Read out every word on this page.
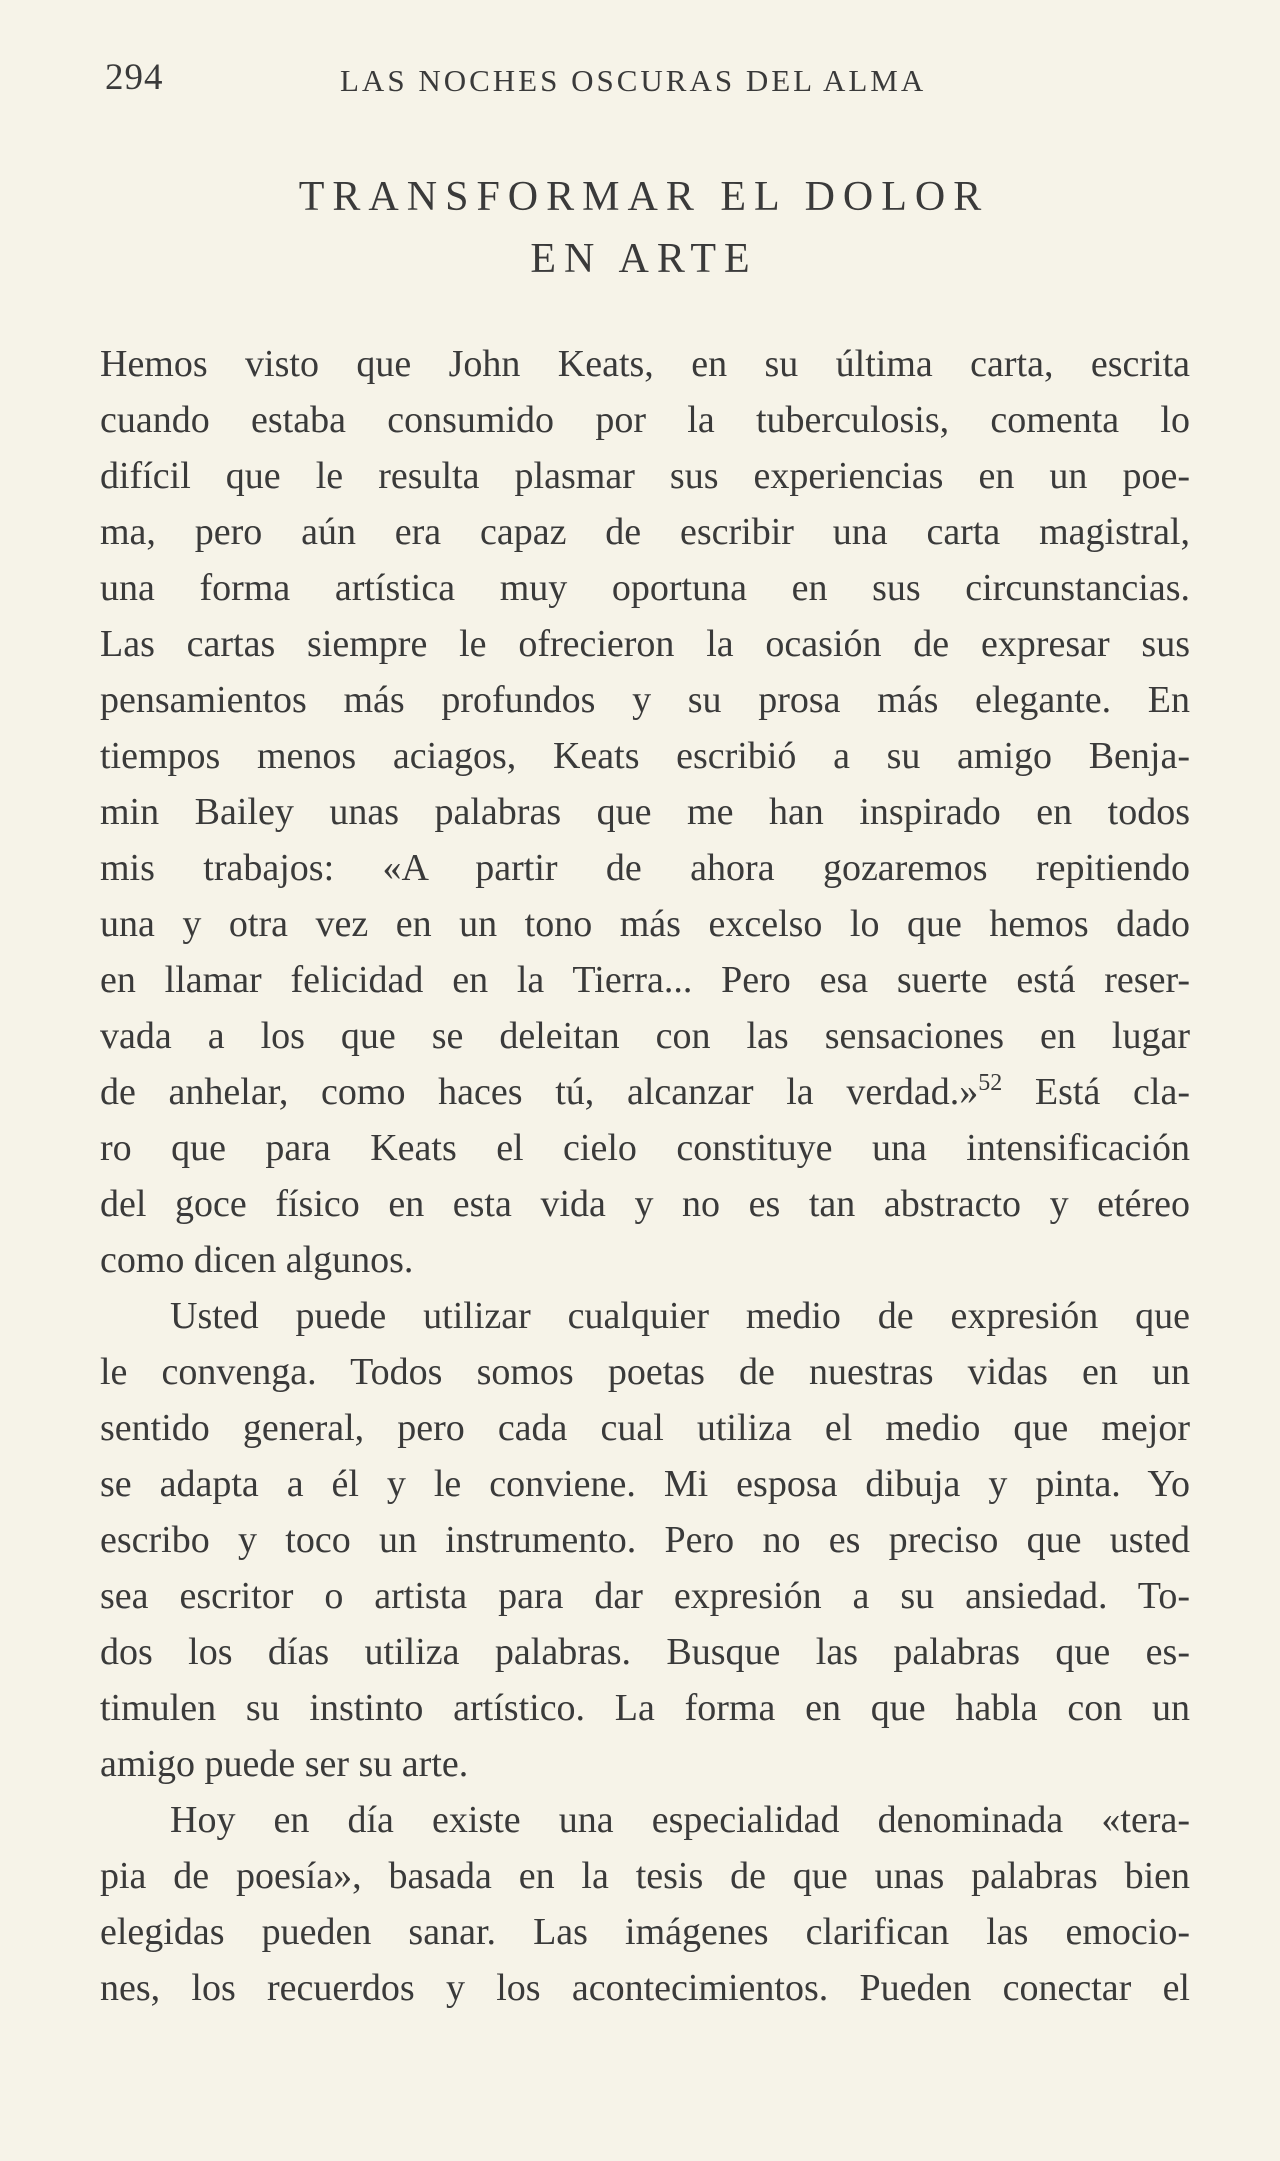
294	LAS NOCHES OSCURAS DEL ALMA
TRANSFORMAR EL DOLOR
EN ARTE
Hemos visto que John Keats, en su última carta, escrita
cuando estaba consumido por la tuberculosis, comenta lo
difícil que le resulta plasmar sus experiencias en un poe-
ma, pero aún era capaz de escribir una carta magistral,
una forma artística muy oportuna en sus circunstancias.
Las cartas siempre le ofrecieron la ocasión de expresar sus
pensamientos más profundos y su prosa más elegante. En
tiempos menos aciagos, Keats escribió a su amigo Benja-
min Bailey unas palabras que me han inspirado en todos
mis trabajos: «A partir de ahora gozaremos repitiendo
una y otra vez en un tono más excelso lo que hemos dado
en llamar felicidad en la Tierra... Pero esa suerte está reser-
vada a los que se deleitan con las sensaciones en lugar
de anhelar, como haces tú, alcanzar la verdad.»$^{52}$ Está cla-
ro que para Keats el cielo constituye una intensificación
del goce físico en esta vida y no es tan abstracto y etéreo
como dicen algunos.
Usted puede utilizar cualquier medio de expresión que
le convenga. Todos somos poetas de nuestras vidas en un
sentido general, pero cada cual utiliza el medio que mejor
se adapta a él y le conviene. Mi esposa dibuja y pinta. Yo
escribo y toco un instrumento. Pero no es preciso que usted
sea escritor o artista para dar expresión a su ansiedad. To-
dos los días utiliza palabras. Busque las palabras que es-
timulen su instinto artístico. La forma en que habla con un
amigo puede ser su arte.
Hoy en día existe una especialidad denominada «tera-
pia de poesía», basada en la tesis de que unas palabras bien
elegidas pueden sanar. Las imágenes clarifican las emocio-
nes, los recuerdos y los acontecimientos. Pueden conectar el
